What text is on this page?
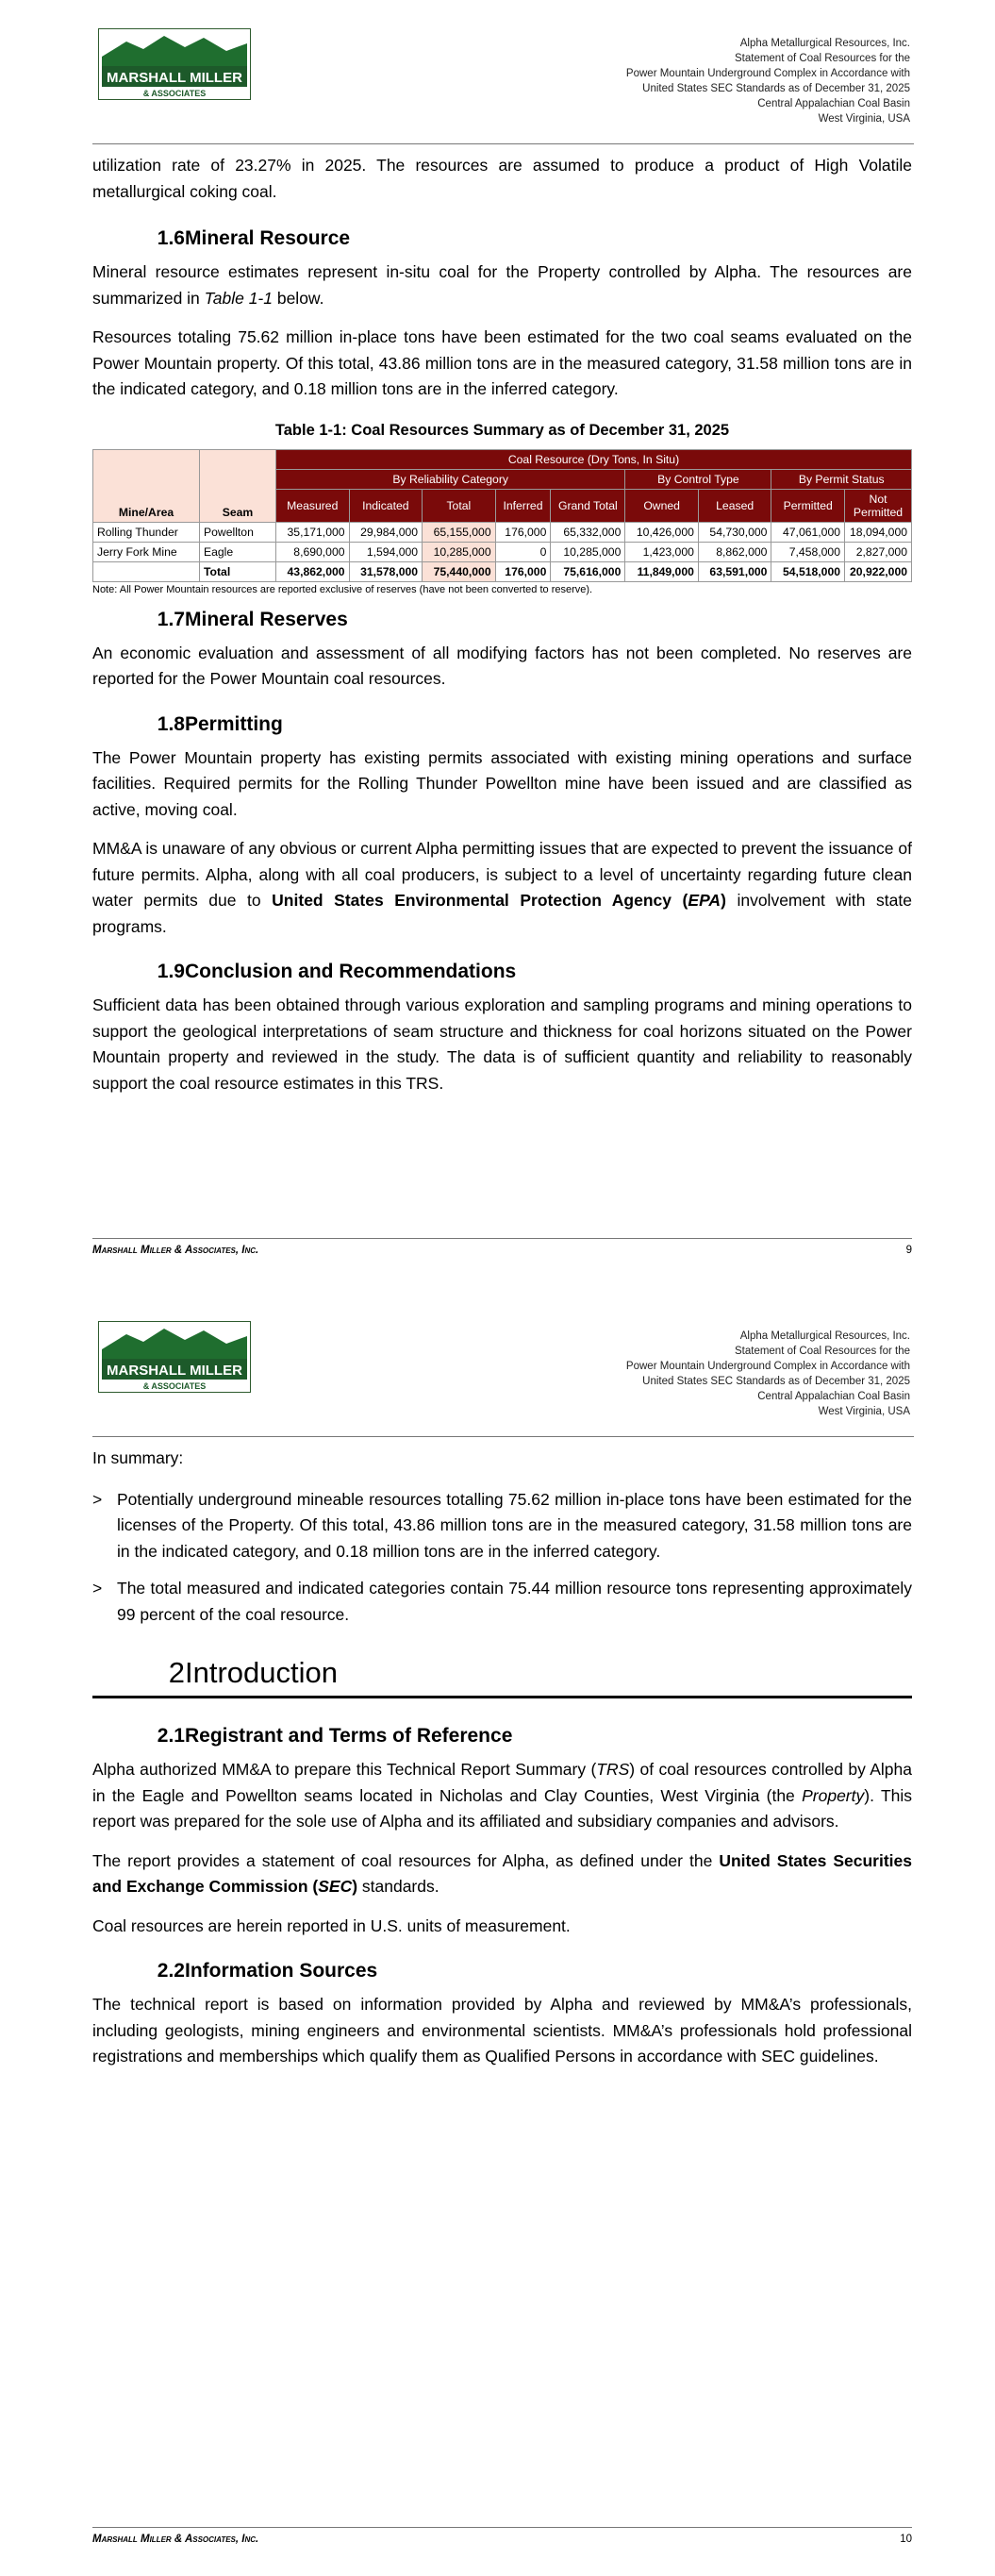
MARSHALL MILLER
& ASSOCIATES
Alpha Metallurgical Resources, Inc.
Statement of Coal Resources for the
Power Mountain Underground Complex in Accordance with
United States SEC Standards as of December 31, 2025
Central Appalachian Coal Basin
West Virginia, USA

utilization rate of 23.27% in 2025. The resources are assumed to produce a product of High Volatile metallurgical coking coal.

1.6 Mineral Resource

Mineral resource estimates represent in-situ coal for the Property controlled by Alpha. The resources are summarized in Table 1-1 below.

Resources totaling 75.62 million in-place tons have been estimated for the two coal seams evaluated on the Power Mountain property. Of this total, 43.86 million tons are in the measured category, 31.58 million tons are in the indicated category, and 0.18 million tons are in the inferred category.

Table 1-1: Coal Resources Summary as of December 31, 2025
Mine/Area	Seam	Coal Resource (Dry Tons, In Situ)								
		By Reliability Category					By Control Type		By Permit Status	
		Measured	Indicated	Total	Inferred	Grand Total	Owned	Leased	Permitted	Not Permitted
Rolling Thunder	Powellton	35,171,000	29,984,000	65,155,000	176,000	65,332,000	10,426,000	54,730,000	47,061,000	18,094,000
Jerry Fork Mine	Eagle	8,690,000	1,594,000	10,285,000	0	10,285,000	1,423,000	8,862,000	7,458,000	2,827,000
	Total	43,862,000	31,578,000	75,440,000	176,000	75,616,000	11,849,000	63,591,000	54,518,000	20,922,000
Note: All Power Mountain resources are reported exclusive of reserves (have not been converted to reserve).
1.7 Mineral Reserves

An economic evaluation and assessment of all modifying factors has not been completed. No reserves are reported for the Power Mountain coal resources.

1.8 Permitting

The Power Mountain property has existing permits associated with existing mining operations and surface facilities. Required permits for the Rolling Thunder Powellton mine have been issued and are classified as active, moving coal.

MM&A is unaware of any obvious or current Alpha permitting issues that are expected to prevent the issuance of future permits. Alpha, along with all coal producers, is subject to a level of uncertainty regarding future clean water permits due to United States Environmental Protection Agency (EPA) involvement with state programs.

1.9 Conclusion and Recommendations

Sufficient data has been obtained through various exploration and sampling programs and mining operations to support the geological interpretations of seam structure and thickness for coal horizons situated on the Power Mountain property and reviewed in the study. The data is of sufficient quantity and reliability to reasonably support the coal resource estimates in this TRS.

Marshall Miller & Associates, Inc.	9
MARSHALL MILLER
& ASSOCIATES
Alpha Metallurgical Resources, Inc.
Statement of Coal Resources for the
Power Mountain Underground Complex in Accordance with
United States SEC Standards as of December 31, 2025
Central Appalachian Coal Basin
West Virginia, USA

In summary:

> Potentially underground mineable resources totalling 75.62 million in-place tons have been estimated for the licenses of the Property. Of this total, 43.86 million tons are in the measured category, 31.58 million tons are in the indicated category, and 0.18 million tons are in the inferred category.
> The total measured and indicated categories contain 75.44 million resource tons representing approximately 99 percent of the coal resource.
2 Introduction
2.1 Registrant and Terms of Reference

Alpha authorized MM&A to prepare this Technical Report Summary (TRS) of coal resources controlled by Alpha in the Eagle and Powellton seams located in Nicholas and Clay Counties, West Virginia (the Property). This report was prepared for the sole use of Alpha and its affiliated and subsidiary companies and advisors.

The report provides a statement of coal resources for Alpha, as defined under the United States Securities and Exchange Commission (SEC) standards.

Coal resources are herein reported in U.S. units of measurement.

2.2 Information Sources

The technical report is based on information provided by Alpha and reviewed by MM&A’s professionals, including geologists, mining engineers and environmental scientists. MM&A’s professionals hold professional registrations and memberships which qualify them as Qualified Persons in accordance with SEC guidelines.

Marshall Miller & Associates, Inc.	10
